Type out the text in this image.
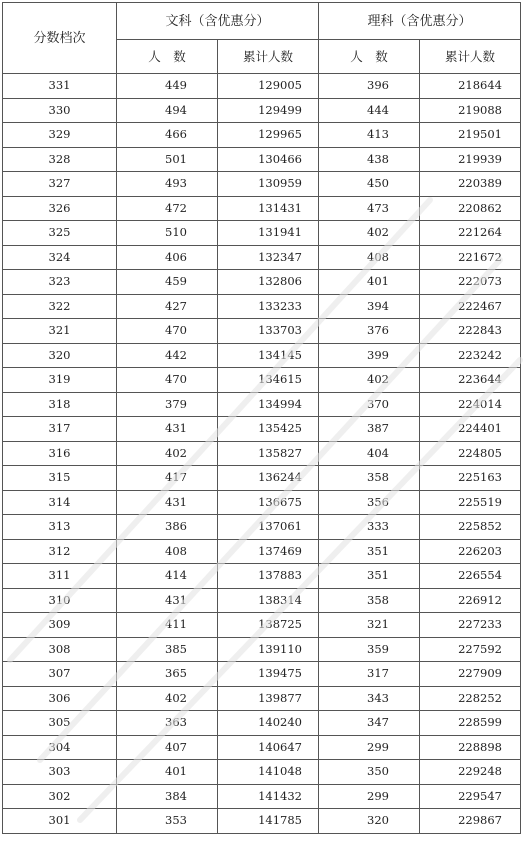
分数档次	文科（含优惠分）		理科（含优惠分）	
	人　数	累计人数	人　数	累计人数
331	449	129005	396	218644
330	494	129499	444	219088
329	466	129965	413	219501
328	501	130466	438	219939
327	493	130959	450	220389
326	472	131431	473	220862
325	510	131941	402	221264
324	406	132347	408	221672
323	459	132806	401	222073
322	427	133233	394	222467
321	470	133703	376	222843
320	442	134145	399	223242
319	470	134615	402	223644
318	379	134994	370	224014
317	431	135425	387	224401
316	402	135827	404	224805
315	417	136244	358	225163
314	431	136675	356	225519
313	386	137061	333	225852
312	408	137469	351	226203
311	414	137883	351	226554
310	431	138314	358	226912
309	411	138725	321	227233
308	385	139110	359	227592
307	365	139475	317	227909
306	402	139877	343	228252
305	363	140240	347	228599
304	407	140647	299	228898
303	401	141048	350	229248
302	384	141432	299	229547
301	353	141785	320	229867
